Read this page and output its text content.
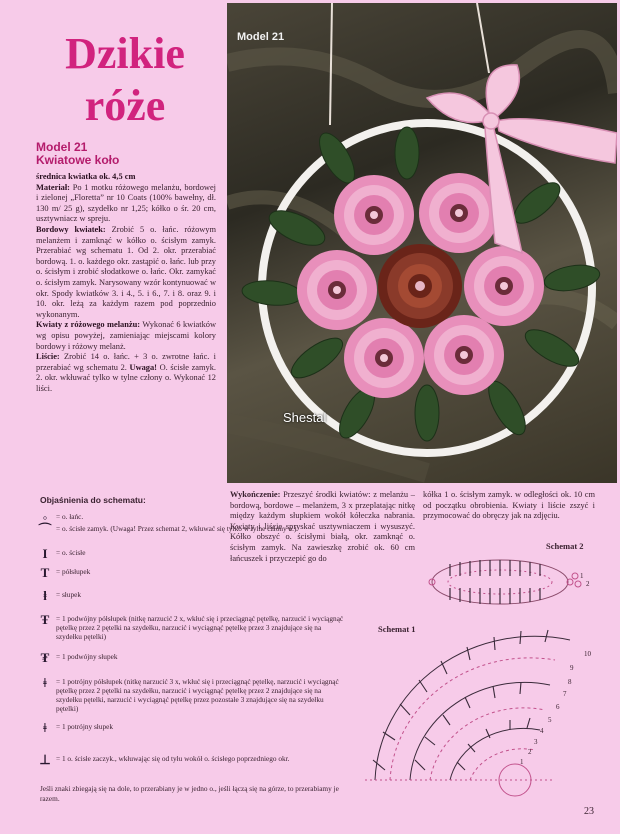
Dzikie
róże
Model 21
Kwiatowe koło

średnica kwiatka ok. 4,5 cm

Materiał: Po 1 motku różowego melanżu, bordowej i zielonej „Floretta” nr 10 Coats (100% bawełny, dł. 130 m/ 25 g), szydełko nr 1,25; kółko o śr. 20 cm, usztywniacz w spreju.

Bordowy kwiatek: Zrobić 5 o. łańc. różowym melanżem i zamknąć w kółko o. ścisłym zamyk. Przerabiać wg schematu 1. Od 2. okr. przerabiać bordową. 1. o. każdego okr. zastąpić o. łańc. lub przy o. ścisłym i zrobić słodatkowe o. łańc. Okr. zamykać o. ścisłym zamyk. Narysowany wzór kontynuować w okr. Spody kwiatków 3. i 4., 5. i 6., 7. i 8. oraz 9. i 10. okr. leżą za każdym razem pod poprzednio wykonanym.

Kwiaty z różowego melanżu: Wykonać 6 kwiatków wg opisu powyżej, zamieniając miejscami kolory bordowy i różowy melanż.

Liście: Zrobić 14 o. łańc. + 3 o. zwrotne łańc. i przerabiać wg schematu 2. Uwaga! O. ścisłe zamyk. 2. okr. wkłuwać tylko w tylne człony o. Wykonać 12 liści.

Model 21
Shestal
Wykończenie: Przeszyć środki kwiatów: z melanżu – bordową, bordowe – melanżem, 3 x przeplatając nitkę między każdym słupkiem wokół kółeczka nabrania. Kwiaty i liście spryskać usztywniaczem i wysuszyć. Kółko obszyć o. ścisłymi białą, okr. zamknąć o. ścisłym zamyk. Na zawieszkę zrobić ok. 60 cm łańcuszek i przyczepić go do
kółka 1 o. ścisłym zamyk. w odległości ok. 10 cm od początku obrobienia. Kwiaty i liście zszyć i przymocować do obręczy jak na zdjęciu.
Objaśnienia do schematu:
◦	= o. łańc.
⌒ = o. ścisłe zamyk. (Uwaga! Przez schemat 2, wkłuwać się tylko w tylne człony o.)
I	= o. ścisłe
T = półsłupek
ⱡ	= słupek
Ŧ = 1 podwójny półsłupek (nitkę narzucić 2 x, wkłuć się i przeciągnąć pętelkę, narzucić i wyciągnąć pętelkę przez 2 pętelki na szydełku, narzucić i wyciągnąć pętelkę przez 3 znajdujące się na szydełku pętelki)
₮ = 1 podwójny słupek
ǂ	= 1 potrójny półsłupek (nitkę narzucić 3 x, wkłuć się i przeciągnąć pętelkę, narzucić i wyciągnąć pętelkę przez 2 pętelki na szydełku, narzucić i wyciągnąć pętelkę przez 2 znajdujące się na szydełku pętelki, narzucić i wyciągnąć pętelkę przez pozostałe 3 znajdujące się na szydełku pętelki)
ǂ	= 1 potrójny słupek
⊥ = 1 o. ścisłe zaczyk., wkłuwając się od tyłu wokół o. ścisłego poprzedniego okr.
Jeśli znaki zbiegają się na dole, to przerabiany je w jedno o., jeśli łączą się na górze, to przerabiamy je razem.
Schemat 2
1
2
Schemat 1
10
9
8
7
6
5
4
3
2
1
23
